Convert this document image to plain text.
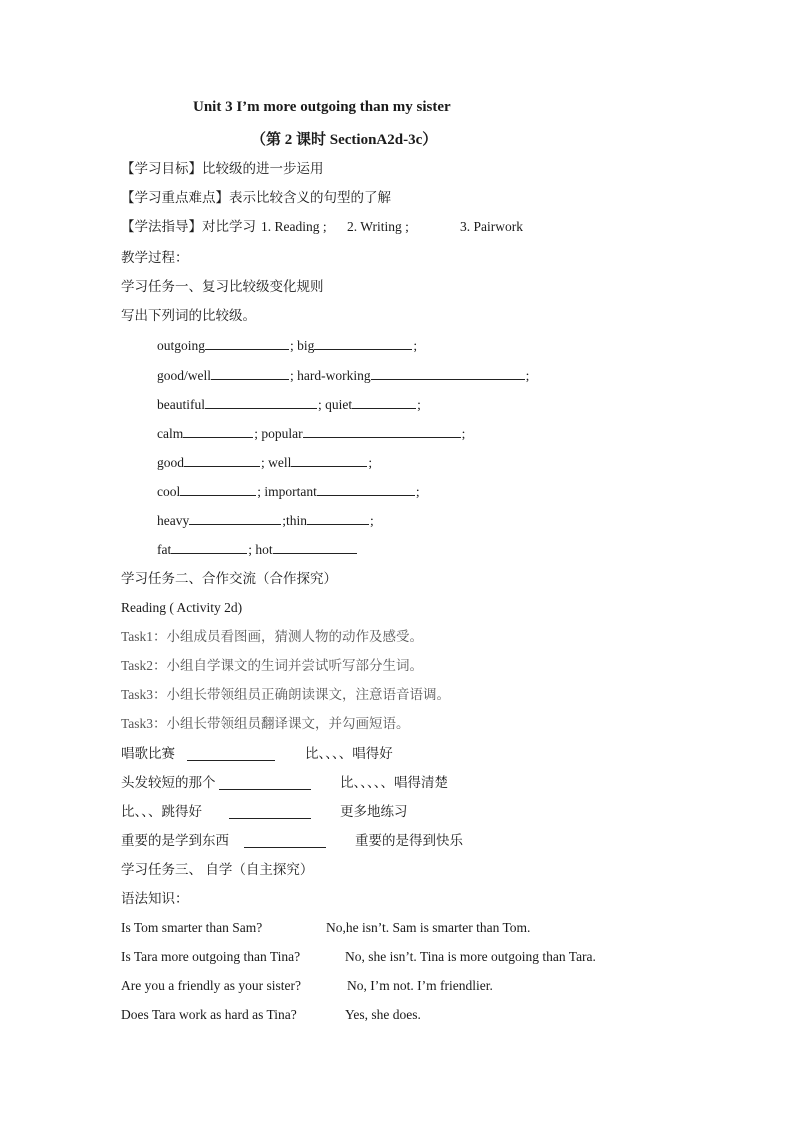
Unit 3 I’m more outgoing than my sister
（第 2 课时 SectionA2d-3c）
【学习目标】比较级的进一步运用
【学习重点难点】表示比较含义的句型的了解
【学法指导】对比学习 1. Reading ; 2. Writing ;	3. Pairwork
教学过程：
学习任务一、复习比较级变化规则
写出下列词的比较级。
outgoing	; big	;
good/well	; hard-working	;
beautiful	; quiet	;
calm	; popular	;
good	; well	;
cool	; important	;
heavy	;thin	;
fat	; hot
学习任务二、合作交流（合作探究）
Reading ( Activity 2d)
Task1：小组成员看图画，猜测人物的动作及感受。
Task2：小组自学课文的生词并尝试听写部分生词。
Task3：小组长带领组员正确朗读课文，注意语音语调。
Task3：小组长带领组员翻译课文，并勾画短语。
唱歌比赛	比、、、、唱得好
头发较短的那个	比、、、、、唱得清楚
比、、、跳得好	更多地练习
重要的是学到东西	重要的是得到快乐
学习任务三、 自学（自主探究）
语法知识：
Is Tom smarter than Sam?	No,he isn’t. Sam is smarter than Tom.
Is Tara more outgoing than Tina?	No, she isn’t. Tina is more outgoing than Tara.
Are you a friendly as your sister?	No, I’m not. I’m friendlier.
Does Tara work as hard as Tina?	Yes, she does.
